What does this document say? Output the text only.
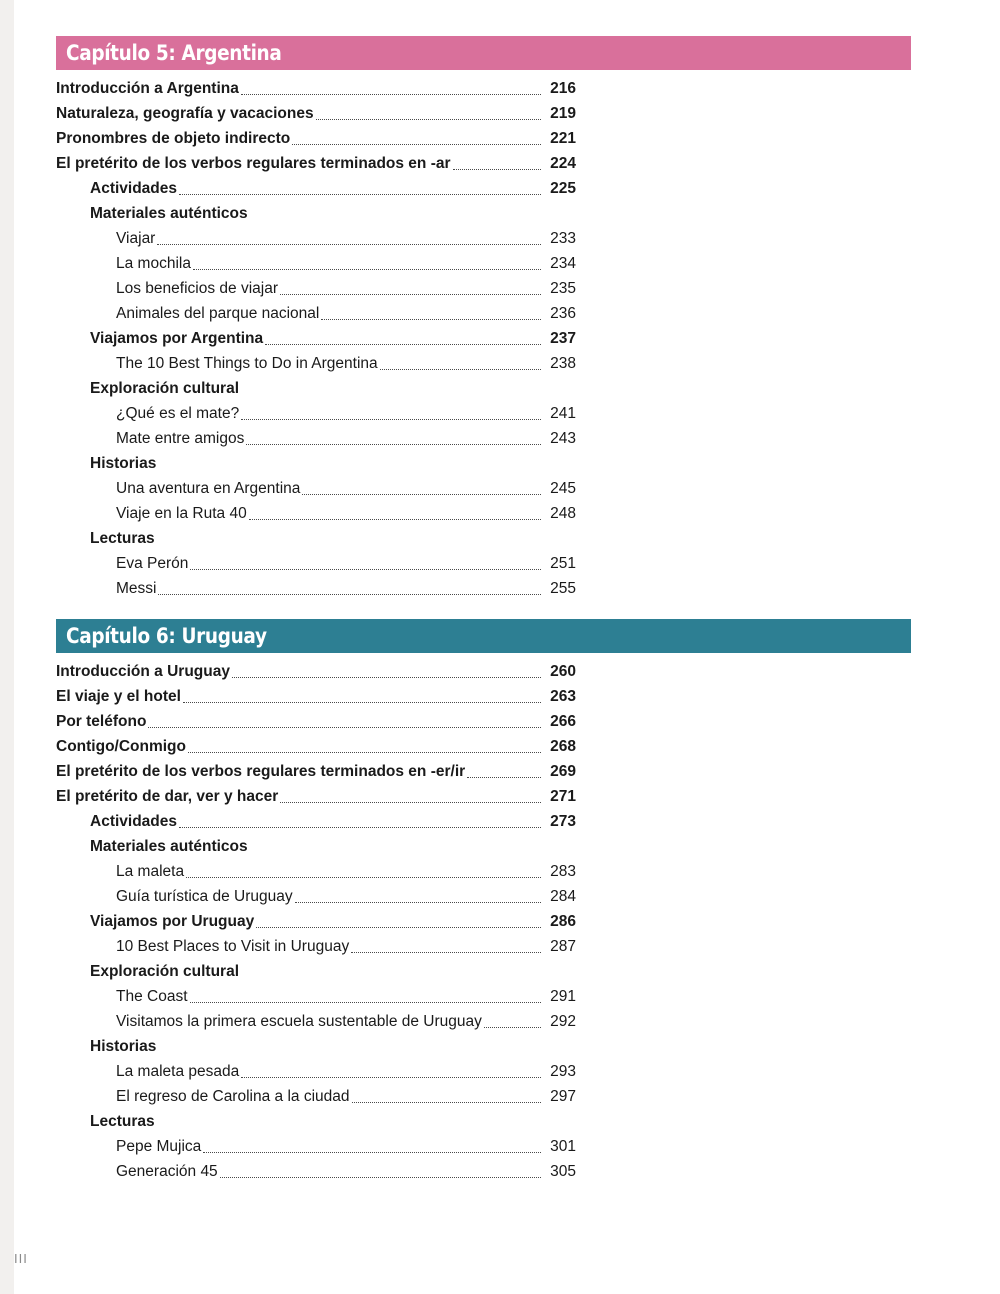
Capítulo 5: Argentina
Introducción a Argentina	216
Naturaleza, geografía y vacaciones	219
Pronombres de objeto indirecto	221
El pretérito de los verbos regulares terminados en -ar	224
Actividades	225
Materiales auténticos
Viajar	233
La mochila	234
Los beneficios de viajar	235
Animales del parque nacional	236
Viajamos por Argentina	237
The 10 Best Things to Do in Argentina	238
Exploración cultural
¿Qué es el mate?	241
Mate entre amigos	243
Historias
Una aventura en Argentina	245
Viaje en la Ruta 40	248
Lecturas
Eva Perón	251
Messi	255
Capítulo 6: Uruguay
Introducción a Uruguay	260
El viaje y el hotel	263
Por teléfono	266
Contigo/Conmigo	268
El pretérito de los verbos regulares terminados en -er/ir	269
El pretérito de dar, ver y hacer	271
Actividades	273
Materiales auténticos
La maleta	283
Guía turística de Uruguay	284
Viajamos por Uruguay	286
10 Best Places to Visit in Uruguay	287
Exploración cultural
The Coast	291
Visitamos la primera escuela sustentable de Uruguay	292
Historias
La maleta pesada	293
El regreso de Carolina a la ciudad	297
Lecturas
Pepe Mujica	301
Generación 45	305
III
